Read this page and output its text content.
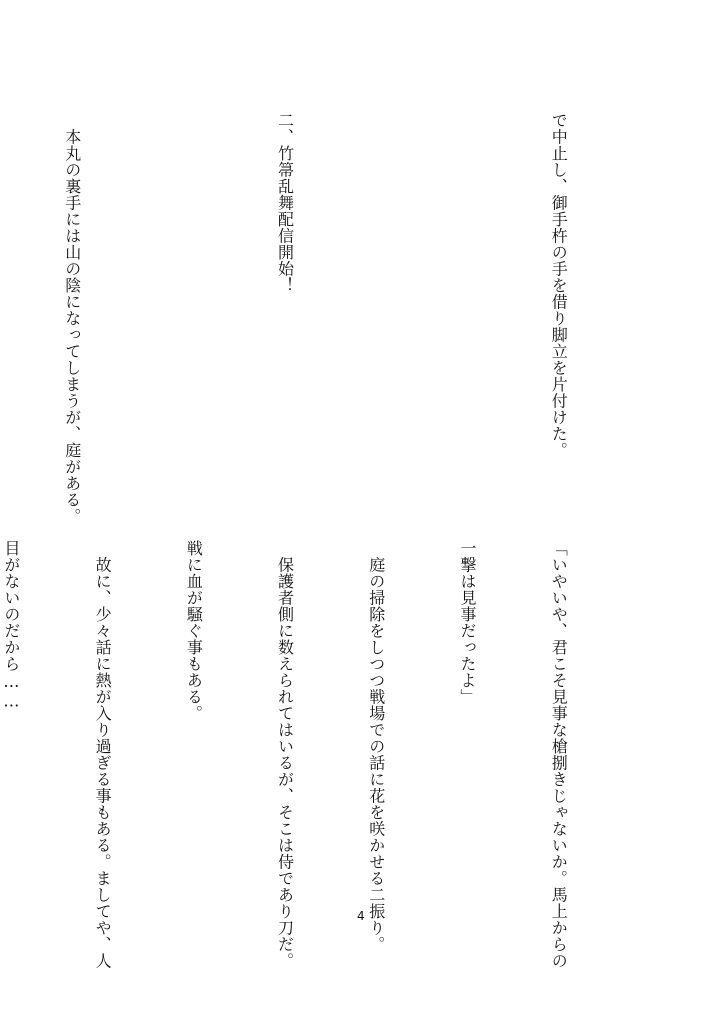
で中止し、御手杵の手を借り脚立を片付けた。

二、竹箒乱舞配信開始！

　本丸の裏手には山の陰になってしまうが、庭がある。

「いやいや、君こそ見事な槍捌きじゃないか。馬上からの

一撃は見事だったよ」

　庭の掃除をしつつ戦場での話に花を咲かせる二振り。

　保護者側に数えられてはいるが、そこは侍であり刀だ。

戦に血が騒ぐ事もある。

　故に、少々話に熱が入り過ぎる事もある。ましてや、人

目がないのだから……

4
